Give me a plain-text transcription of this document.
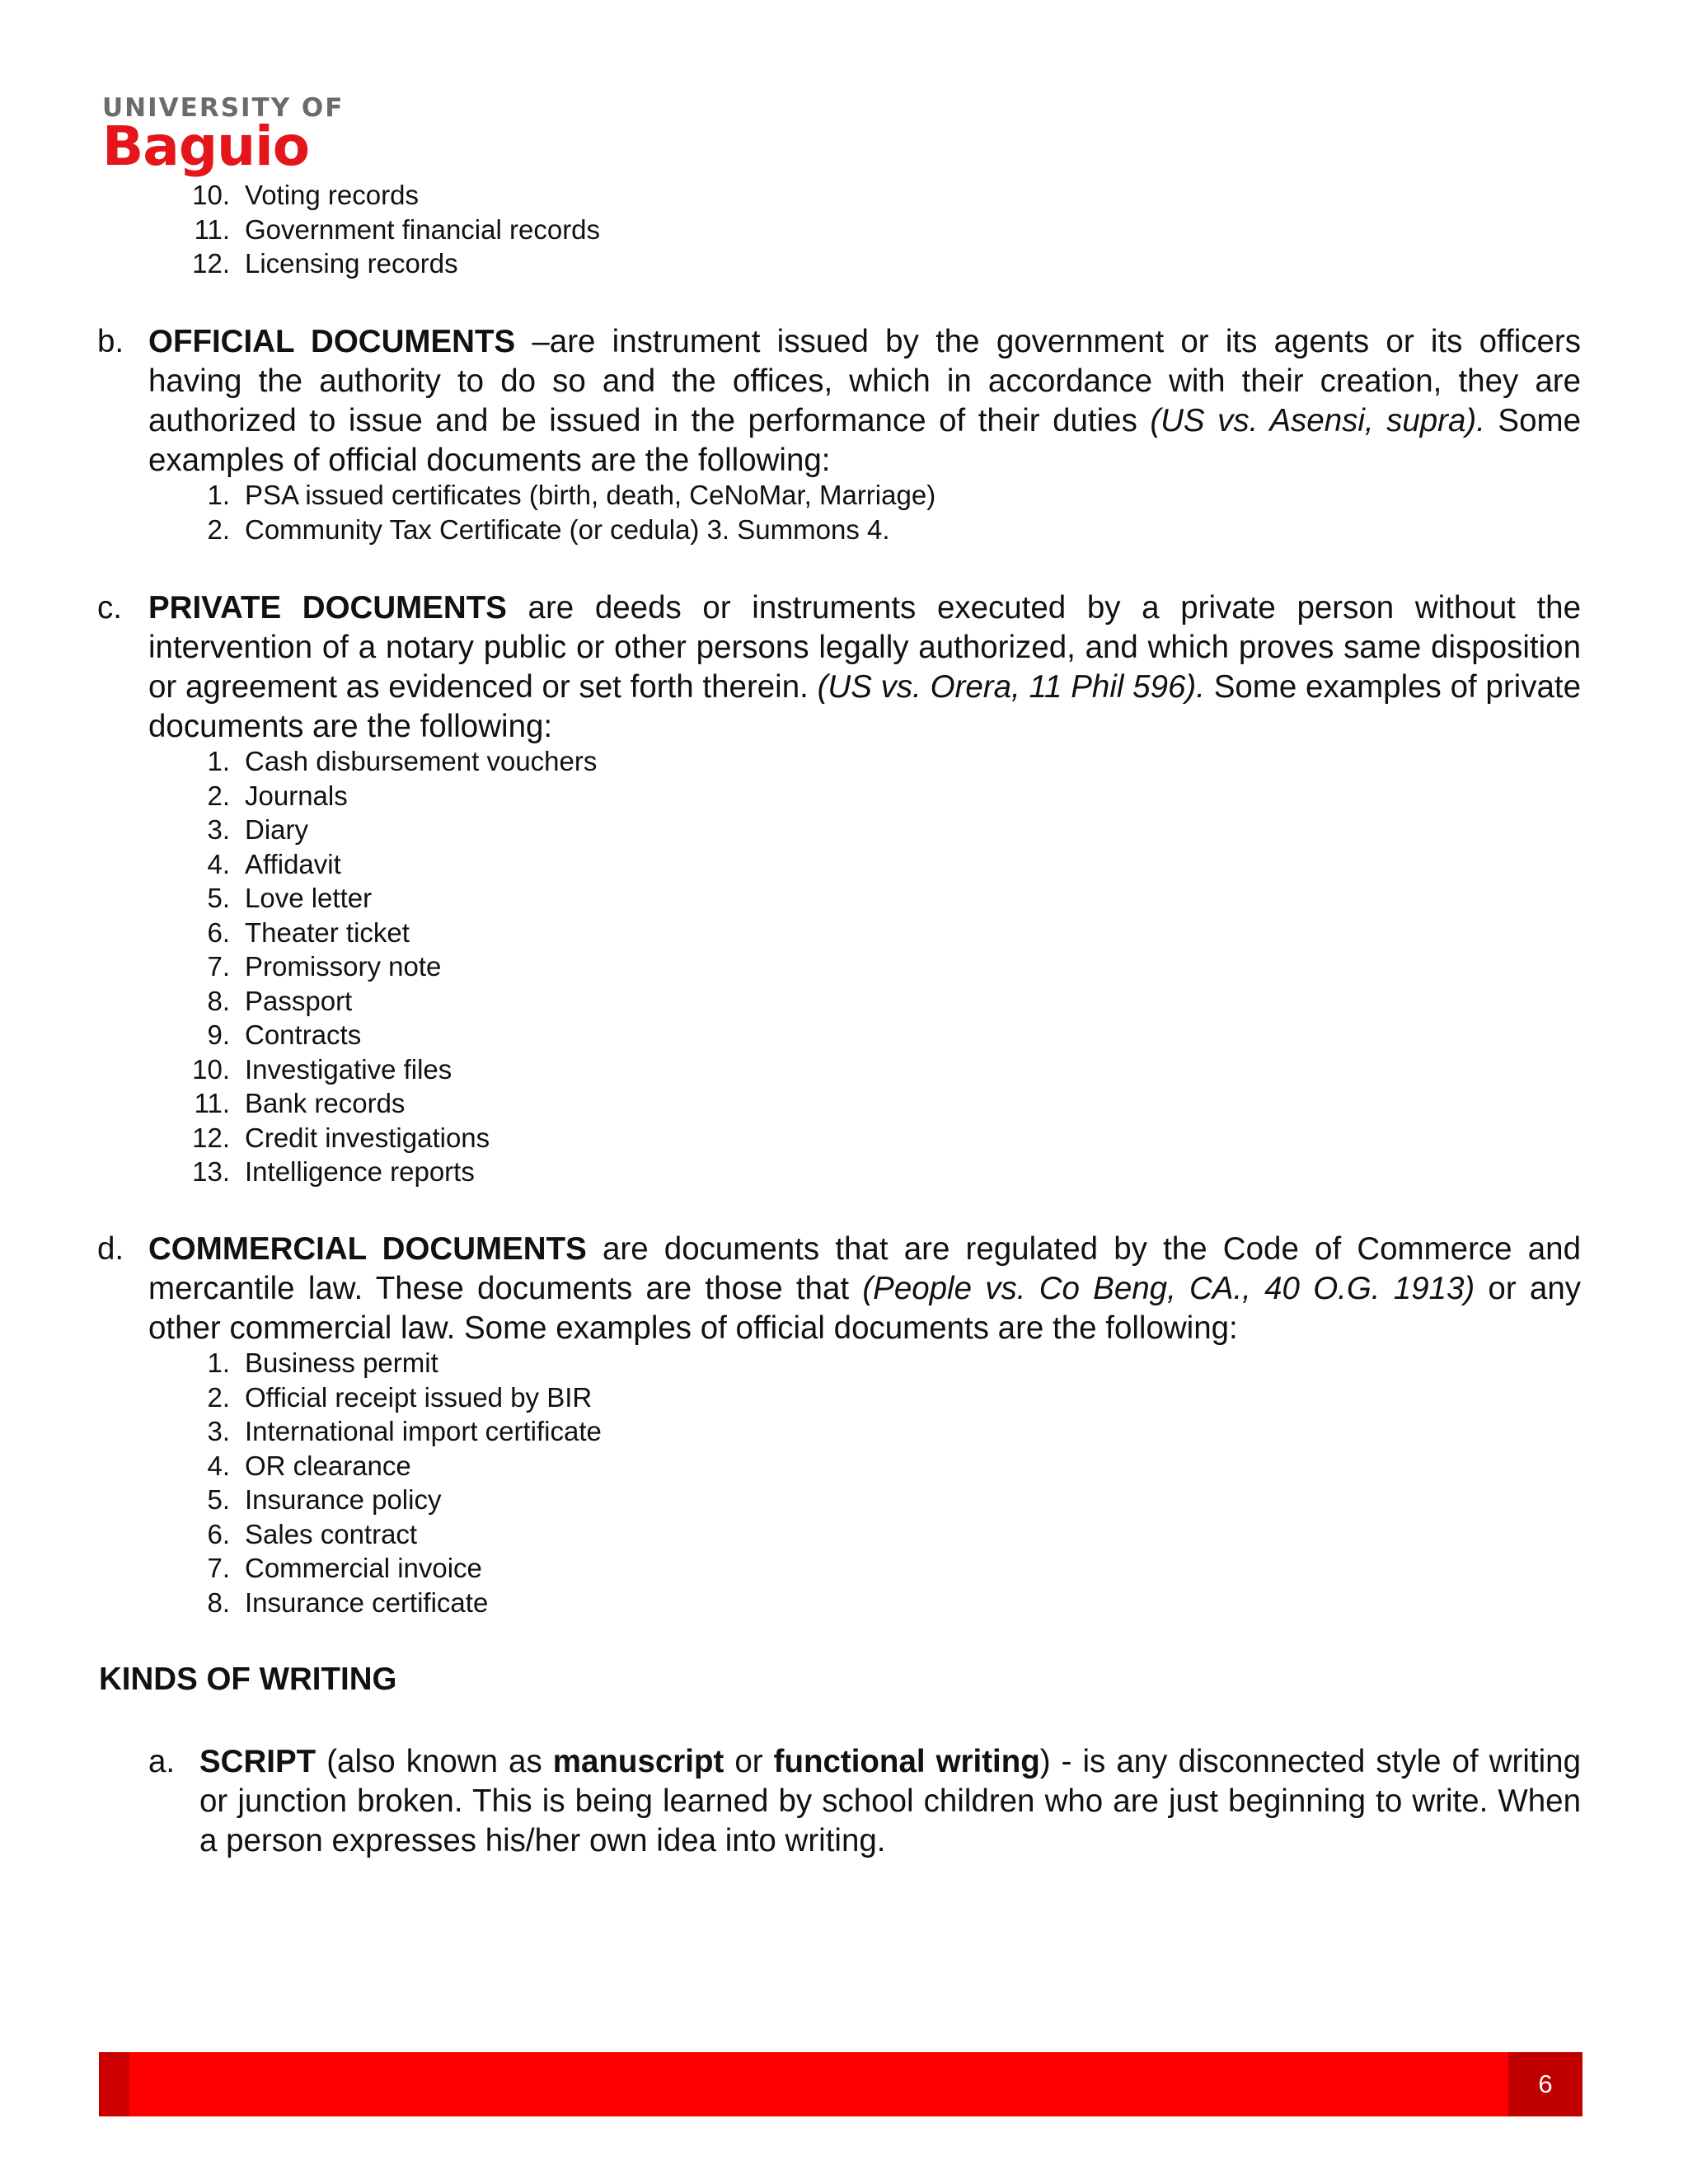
UNIVERSITY OF
Baguio
10. Voting records
11. Government financial records
12. Licensing records
b. OFFICIAL DOCUMENTS –are instrument issued by the government or its agents or its officers having the authority to do so and the offices, which in accordance with their creation, they are authorized to issue and be issued in the performance of their duties (US vs. Asensi, supra). Some examples of official documents are the following:
1. PSA issued certificates (birth, death, CeNoMar, Marriage)
2. Community Tax Certificate (or cedula) 3. Summons 4.
c. PRIVATE DOCUMENTS are deeds or instruments executed by a private person without the intervention of a notary public or other persons legally authorized, and which proves same disposition or agreement as evidenced or set forth therein. (US vs. Orera, 11 Phil 596). Some examples of private documents are the following:
1. Cash disbursement vouchers
2. Journals
3. Diary
4. Affidavit
5. Love letter
6. Theater ticket
7. Promissory note
8. Passport
9. Contracts
10. Investigative files
11. Bank records
12. Credit investigations
13. Intelligence reports
d. COMMERCIAL DOCUMENTS are documents that are regulated by the Code of Commerce and mercantile law. These documents are those that (People vs. Co Beng, CA., 40 O.G. 1913) or any other commercial law. Some examples of official documents are the following:
1. Business permit
2. Official receipt issued by BIR
3. International import certificate
4. OR clearance
5. Insurance policy
6. Sales contract
7. Commercial invoice
8. Insurance certificate
KINDS OF WRITING
a. SCRIPT (also known as manuscript or functional writing) - is any disconnected style of writing or junction broken. This is being learned by school children who are just beginning to write. When a person expresses his/her own idea into writing.
6
